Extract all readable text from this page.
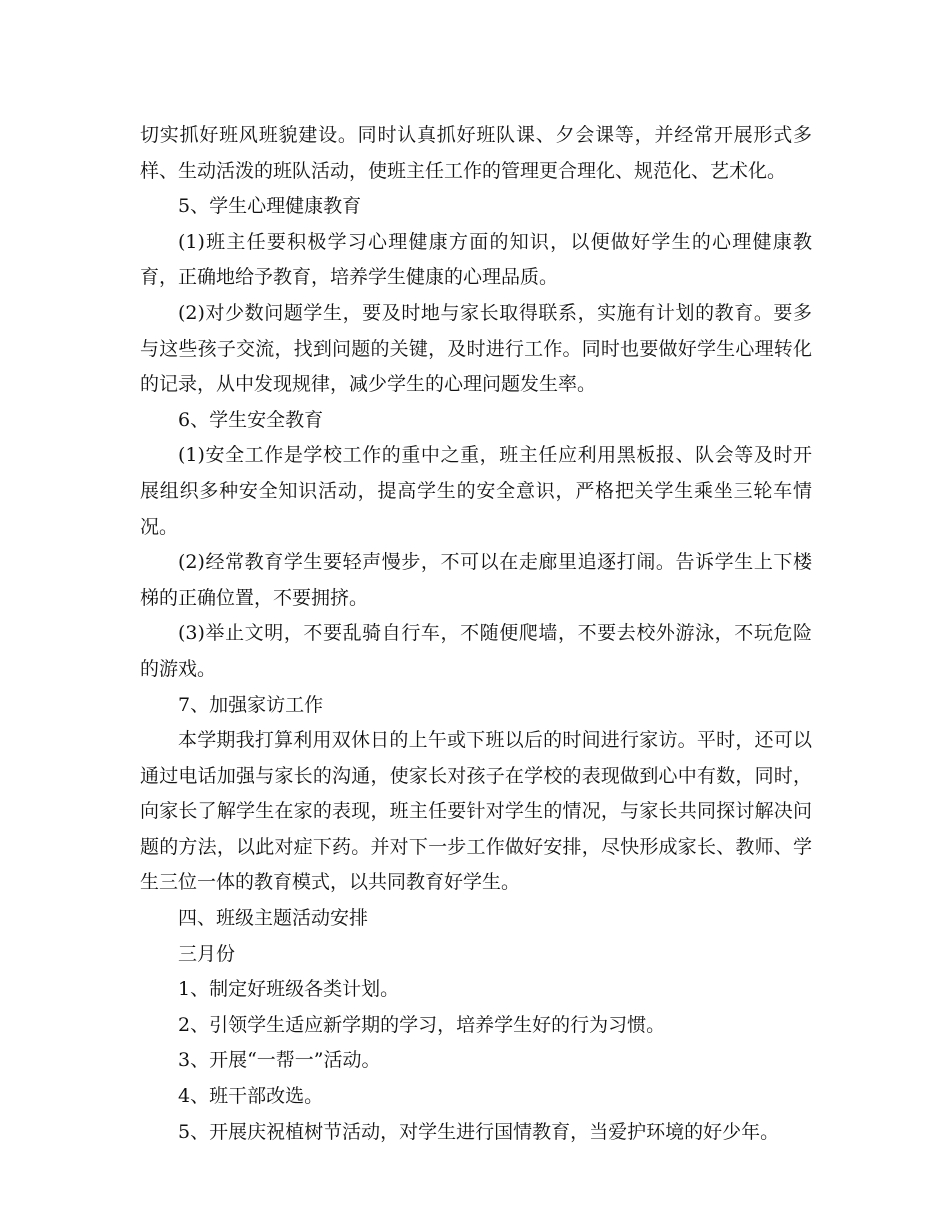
切实抓好班风班貌建设。同时认真抓好班队课、夕会课等，并经常开展形式多样、生动活泼的班队活动，使班主任工作的管理更合理化、规范化、艺术化。

5、学生心理健康教育

(1)班主任要积极学习心理健康方面的知识，以便做好学生的心理健康教育，正确地给予教育，培养学生健康的心理品质。

(2)对少数问题学生，要及时地与家长取得联系，实施有计划的教育。要多与这些孩子交流，找到问题的关键，及时进行工作。同时也要做好学生心理转化的记录，从中发现规律，减少学生的心理问题发生率。

6、学生安全教育

(1)安全工作是学校工作的重中之重，班主任应利用黑板报、队会等及时开展组织多种安全知识活动，提高学生的安全意识，严格把关学生乘坐三轮车情况。

(2)经常教育学生要轻声慢步，不可以在走廊里追逐打闹。告诉学生上下楼梯的正确位置，不要拥挤。

(3)举止文明，不要乱骑自行车，不随便爬墙，不要去校外游泳，不玩危险的游戏。

7、加强家访工作

本学期我打算利用双休日的上午或下班以后的时间进行家访。平时，还可以通过电话加强与家长的沟通，使家长对孩子在学校的表现做到心中有数，同时，向家长了解学生在家的表现，班主任要针对学生的情况，与家长共同探讨解决问题的方法，以此对症下药。并对下一步工作做好安排，尽快形成家长、教师、学生三位一体的教育模式，以共同教育好学生。

四、班级主题活动安排

三月份

1、制定好班级各类计划。

2、引领学生适应新学期的学习，培养学生好的行为习惯。

3、开展“一帮一”活动。

4、班干部改选。

5、开展庆祝植树节活动，对学生进行国情教育，当爱护环境的好少年。
